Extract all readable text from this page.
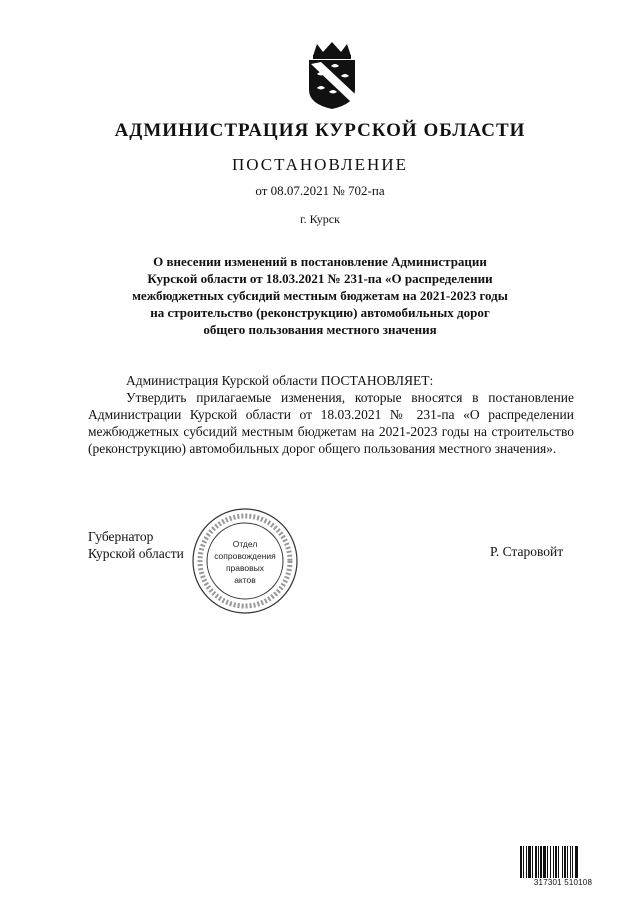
АДМИНИСТРАЦИЯ КУРСКОЙ ОБЛАСТИ
ПОСТАНОВЛЕНИЕ
от 08.07.2021 № 702-па
г. Курск
О внесении изменений в постановление Администрации
Курской области от 18.03.2021 № 231-па «О распределении
межбюджетных субсидий местным бюджетам на 2021-2023 годы
на строительство (реконструкцию) автомобильных дорог
общего пользования местного значения

Администрация Курской области ПОСТАНОВЛЯЕТ:

Утвердить прилагаемые изменения, которые вносятся в постановление Администрации Курской области от 18.03.2021 № 231-па «О распределении межбюджетных субсидий местным бюджетам на 2021-2023 годы на строительство (реконструкцию) автомобильных дорог общего пользования местного значения».

Губернатор
Курской области
Отдел
сопровождения
правовых
актов
Р. Старовойт
317301 510108
